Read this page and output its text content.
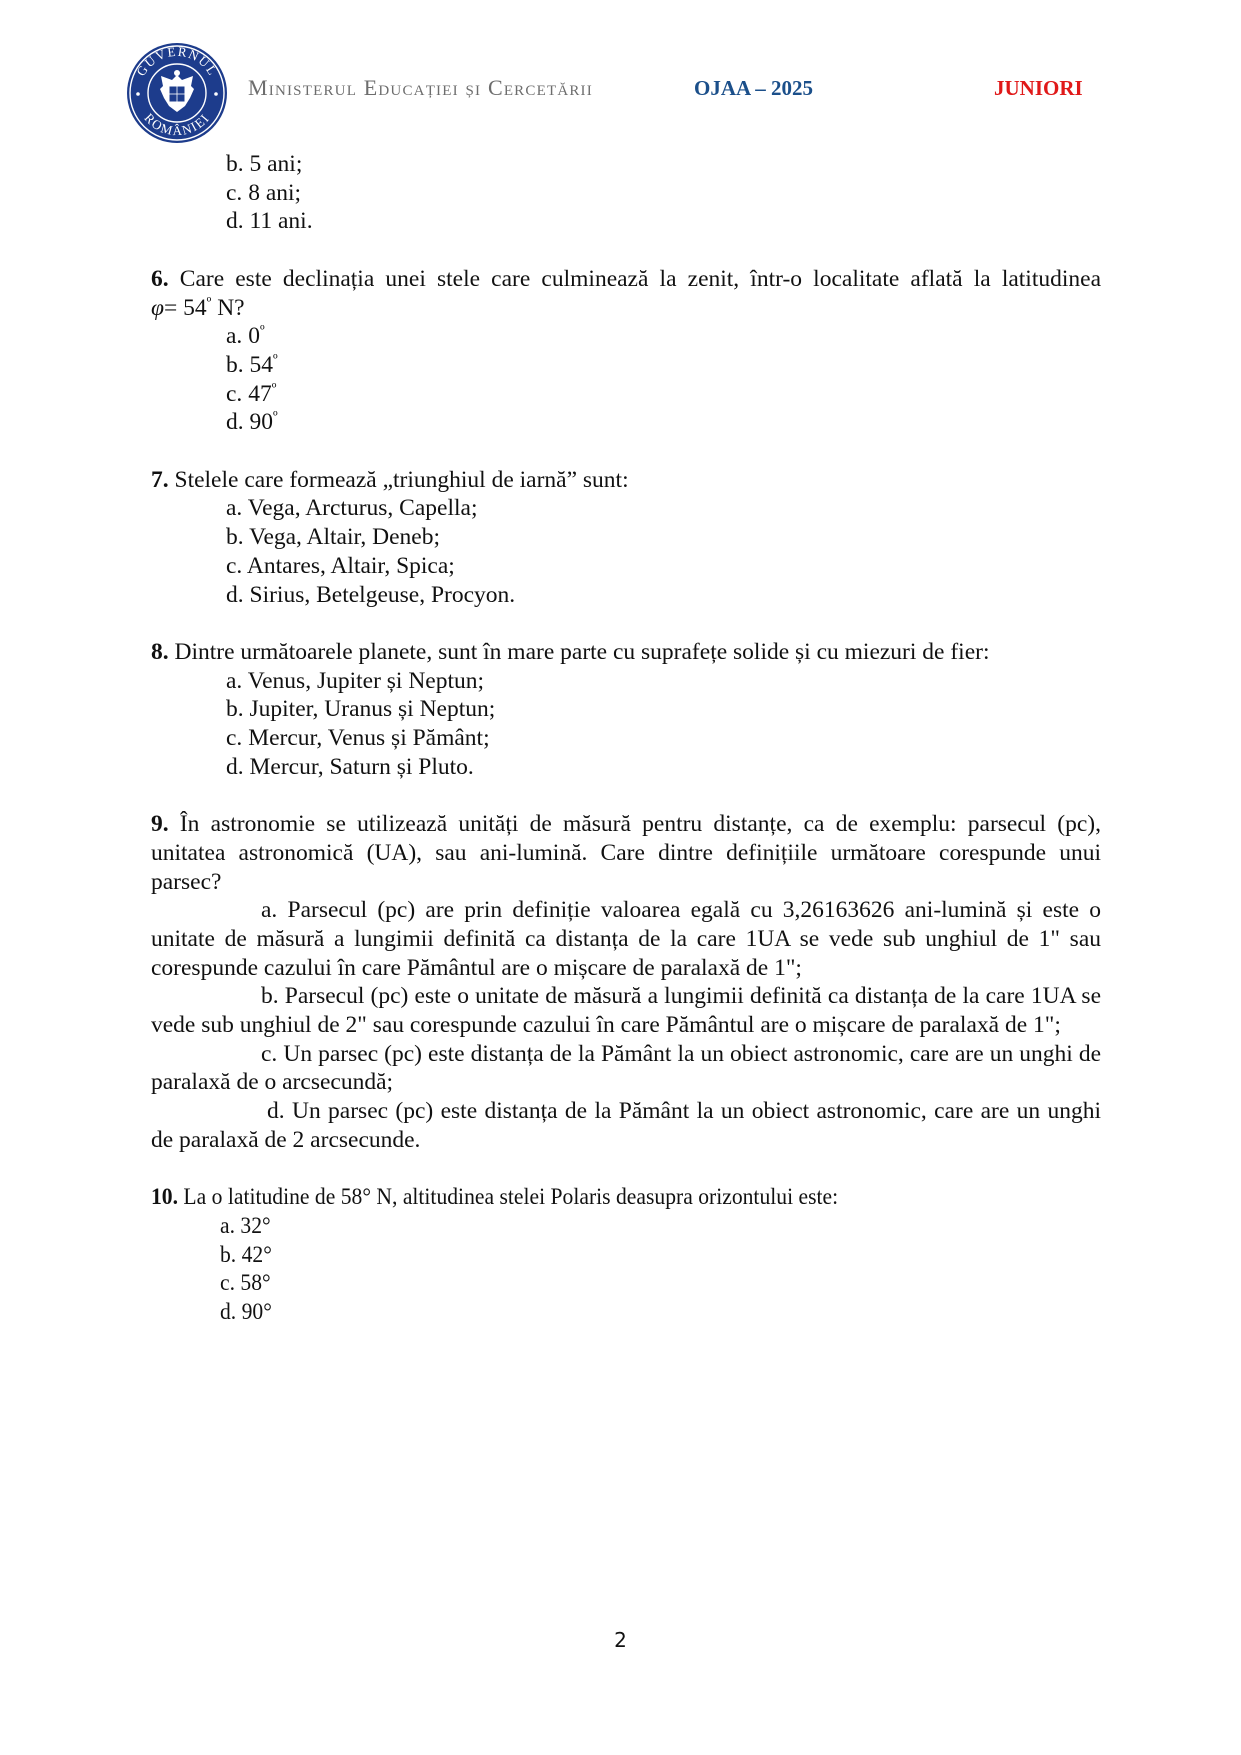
GUVERNUL
ROMÂNIEI
Ministerul Educației și Cercetării	OJAA – 2025	JUNIORI
b. 5 ani;
c. 8 ani;
d. 11 ani.
6. Care este declinația unei stele care culminează la zenit, într-o localitate aflată la latitudinea
$\varphi= 54^º$ N?
a. $0^º$
b. $54^º$
c. $47^º$
d. $90^º$
7. Stelele care formează „triunghiul de iarnă” sunt:
a. Vega, Arcturus, Capella;
b. Vega, Altair, Deneb;
c. Antares, Altair, Spica;
d. Sirius, Betelgeuse, Procyon.
8. Dintre următoarele planete, sunt în mare parte cu suprafețe solide și cu miezuri de fier:
a. Venus, Jupiter și Neptun;
b. Jupiter, Uranus și Neptun;
c. Mercur, Venus și Pământ;
d. Mercur, Saturn și Pluto.
9. În astronomie se utilizează unități de măsură pentru distanțe, ca de exemplu: parsecul (pc), unitatea astronomică (UA), sau ani-lumină. Care dintre definițiile următoare corespunde unui parsec?
a. Parsecul (pc) are prin definiție valoarea egală cu 3,26163626 ani-lumină și este o unitate de măsură a lungimii definită ca distanța de la care 1UA se vede sub unghiul de 1" sau corespunde cazului în care Pământul are o mișcare de paralaxă de 1";
b. Parsecul (pc) este o unitate de măsură a lungimii definită ca distanța de la care 1UA se vede sub unghiul de 2" sau corespunde cazului în care Pământul are o mișcare de paralaxă de 1";
c. Un parsec (pc) este distanța de la Pământ la un obiect astronomic, care are un unghi de paralaxă de o arcsecundă;
d. Un parsec (pc) este distanța de la Pământ la un obiect astronomic, care are un unghi de paralaxă de 2 arcsecunde.
10. La o latitudine de 58° N, altitudinea stelei Polaris deasupra orizontului este:
a. 32°
b. 42°
c. 58°
d. 90°
2
